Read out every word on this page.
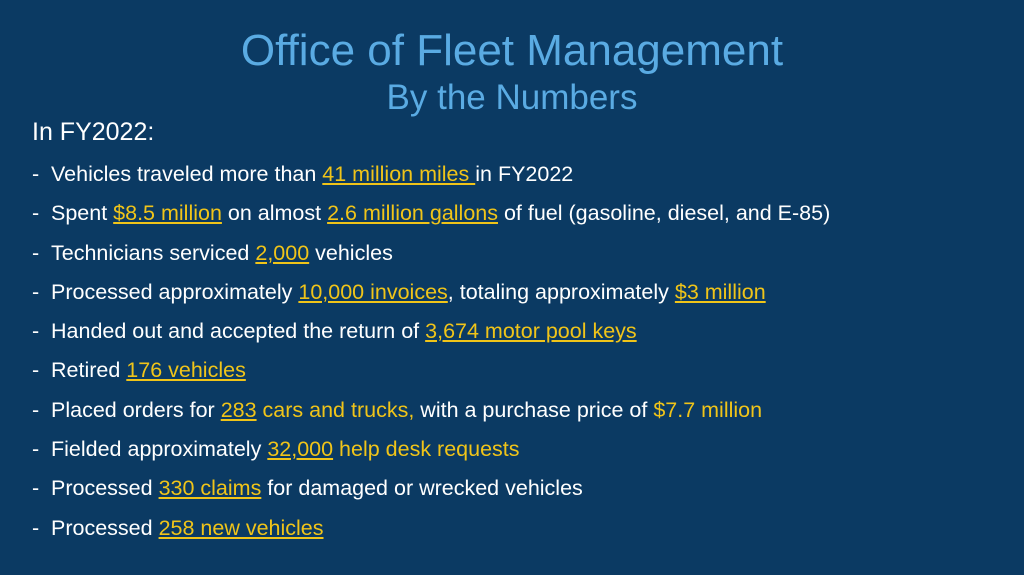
Office of Fleet Management
By the Numbers
In FY2022:
- Vehicles traveled more than 41 million miles in FY2022
- Spent $8.5 million on almost 2.6 million gallons of fuel (gasoline, diesel, and E-85)
- Technicians serviced 2,000 vehicles
- Processed approximately 10,000 invoices, totaling approximately $3 million
- Handed out and accepted the return of 3,674 motor pool keys
- Retired 176 vehicles
- Placed orders for 283 cars and trucks, with a purchase price of $7.7 million
- Fielded approximately 32,000 help desk requests
- Processed 330 claims for damaged or wrecked vehicles
- Processed 258 new vehicles
